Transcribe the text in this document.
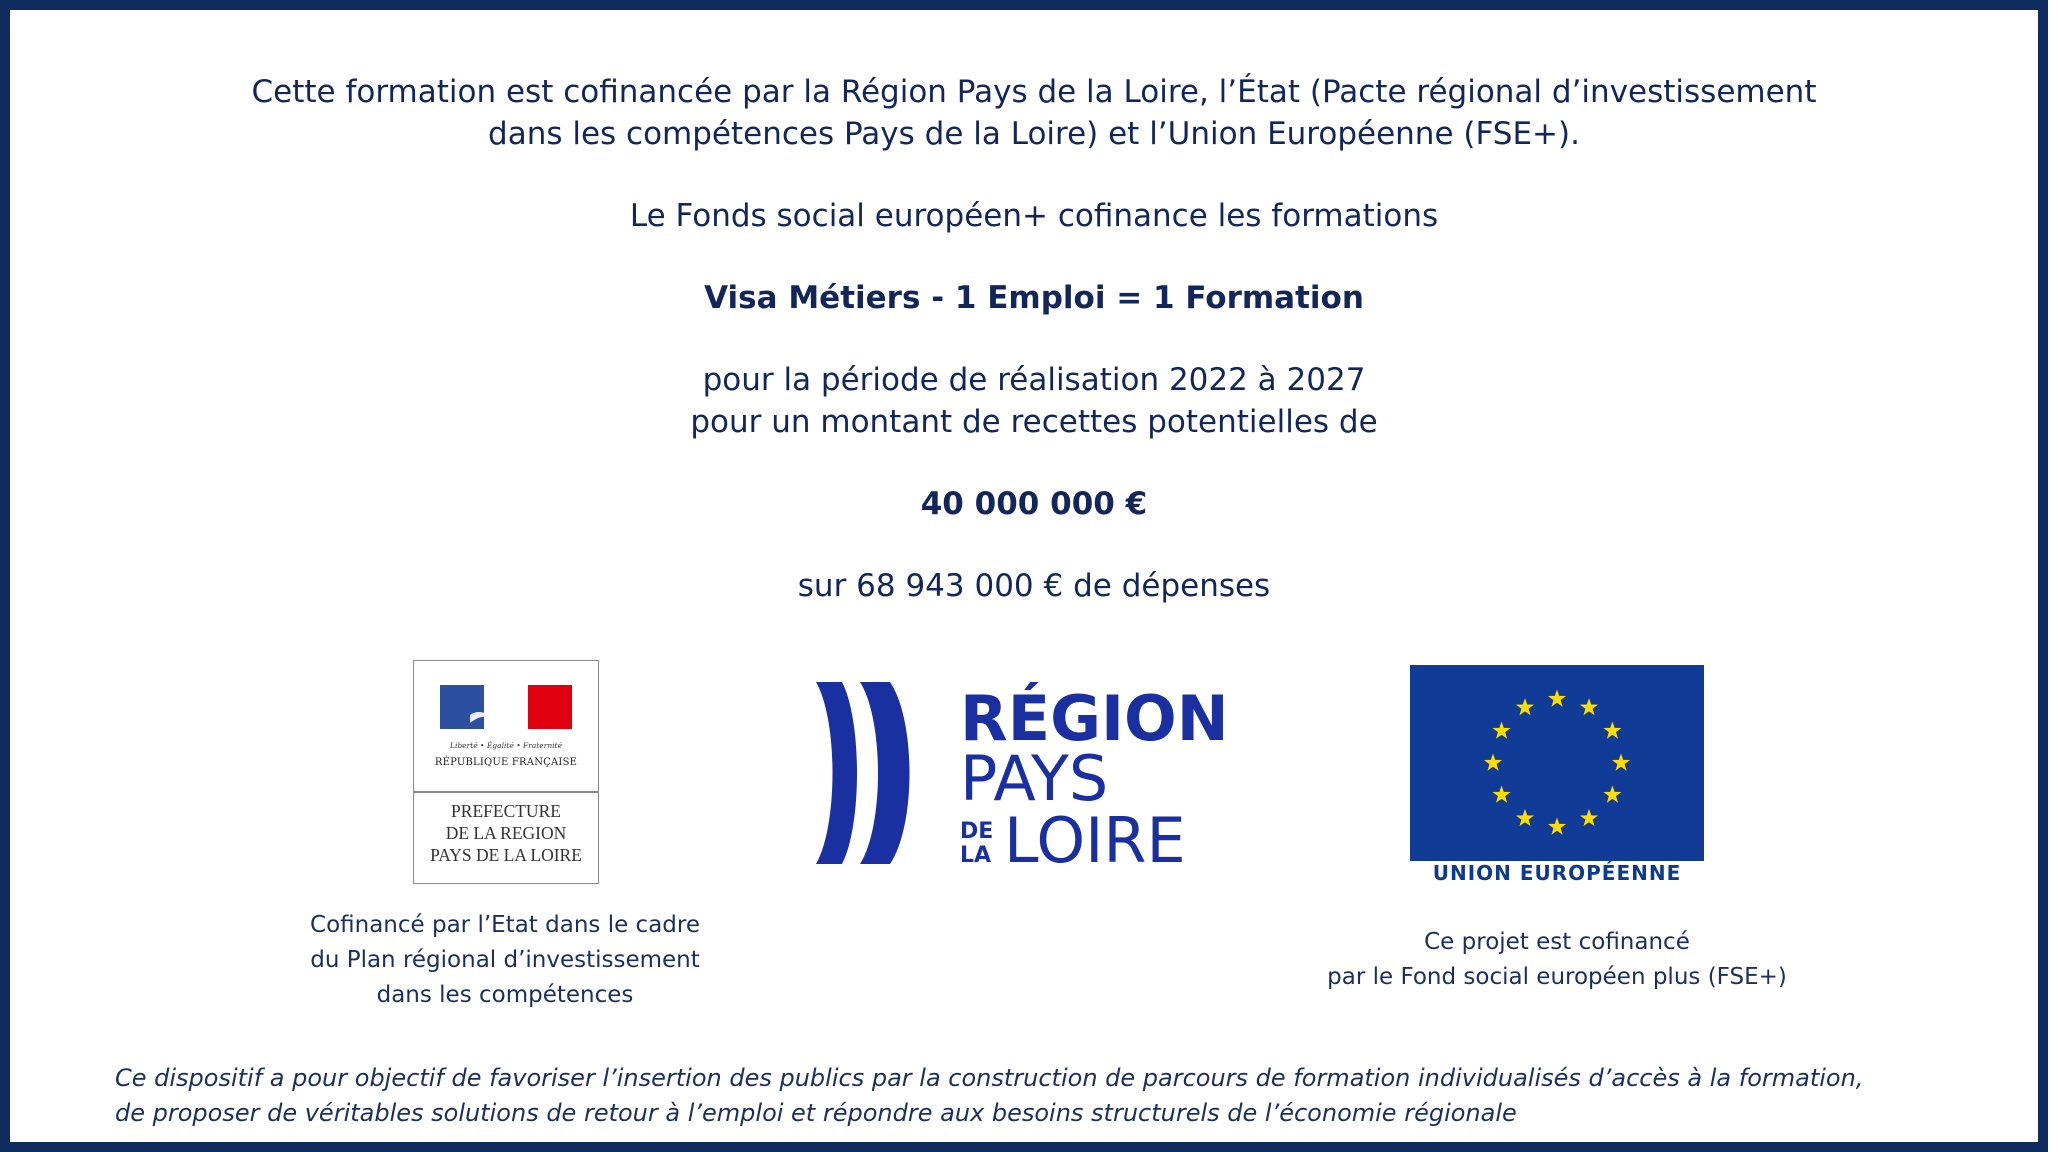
Cette formation est cofinancée par la Région Pays de la Loire, l’État (Pacte régional d’investissement
dans les compétences Pays de la Loire) et l’Union Européenne (FSE+).
Le Fonds social européen+ cofinance les formations
Visa Métiers - 1 Emploi = 1 Formation
pour la période de réalisation 2022 à 2027
pour un montant de recettes potentielles de
40 000 000 €
sur 68 943 000 € de dépenses
Liberté • Égalité • Fraternité
RÉPUBLIQUE FRANÇAISE
PREFECTURE
DE LA REGION
PAYS DE LA LOIRE
RÉGION
PAYS
DE
LA LOIRE	UNION EUROPÉENNE
Cofinancé par l’Etat dans le cadre
du Plan régional d’investissement
dans les compétences
Ce projet est cofinancé
par le Fond social européen plus (FSE+)
Ce dispositif a pour objectif de favoriser l’insertion des publics par la construction de parcours de formation individualisés d’accès à la formation,
de proposer de véritables solutions de retour à l’emploi et répondre aux besoins structurels de l’économie régionale
